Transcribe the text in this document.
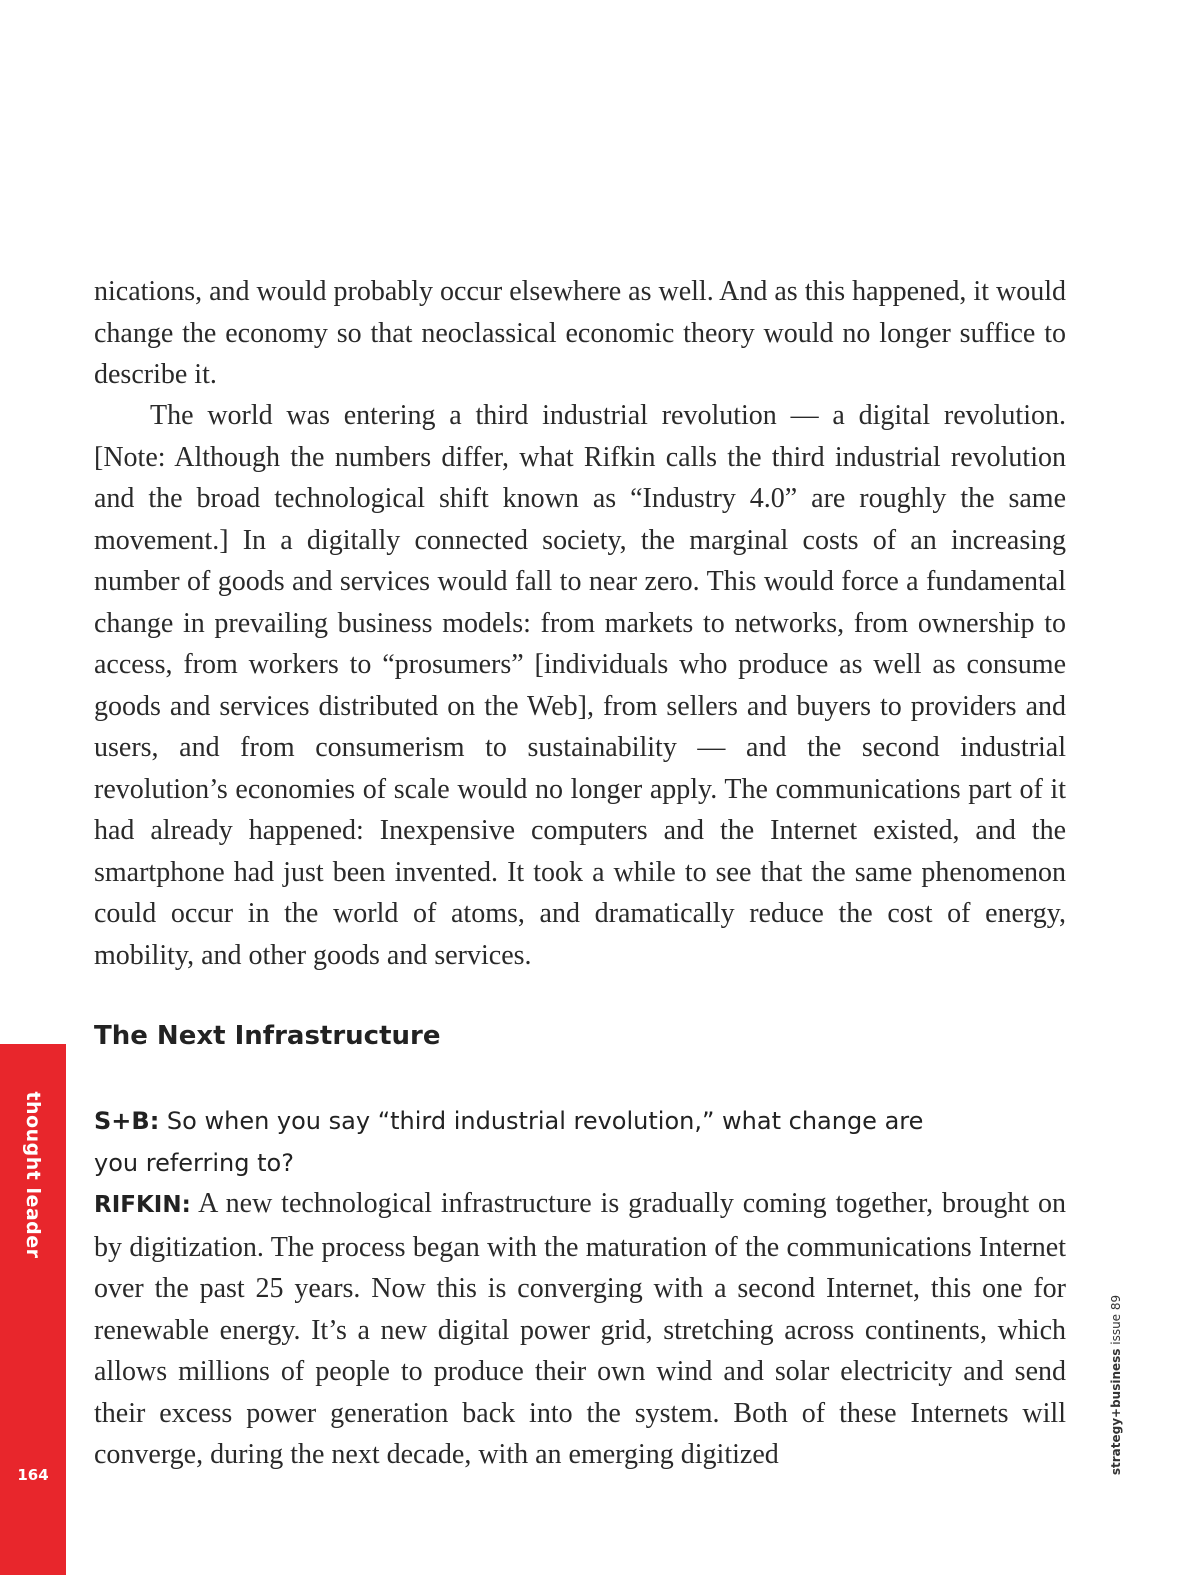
nications, and would probably occur elsewhere as well. And as this happened, it would change the economy so that neoclassical economic theory would no longer suffice to describe it.

The world was entering a third industrial revolution — a digital revolution. [Note: Although the numbers differ, what Rifkin calls the third industrial revolution and the broad technological shift known as “Industry 4.0” are roughly the same movement.] In a digitally connected society, the marginal costs of an increasing number of goods and services would fall to near zero. This would force a fundamental change in prevailing business models: from markets to networks, from ownership to access, from workers to “prosumers” [individuals who produce as well as consume goods and services distributed on the Web], from sellers and buyers to providers and users, and from consumerism to sustainability — and the second industrial revolution’s economies of scale would no longer apply. The communications part of it had already happened: Inexpensive computers and the Internet existed, and the smartphone had just been invented. It took a while to see that the same phenomenon could occur in the world of atoms, and dramatically reduce the cost of energy, mobility, and other goods and services.

The Next Infrastructure

S+B: So when you say “third industrial revolution,” what change are you referring to?

RIFKIN: A new technological infrastructure is gradually coming together, brought on by digitization. The process began with the maturation of the communications Internet over the past 25 years. Now this is converging with a second Internet, this one for renewable energy. It’s a new digital power grid, stretching across continents, which allows millions of people to produce their own wind and solar electricity and send their excess power generation back into the system. Both of these Internets will converge, during the next decade, with an emerging digitized

thought leader
164	strategy+business issue 89
